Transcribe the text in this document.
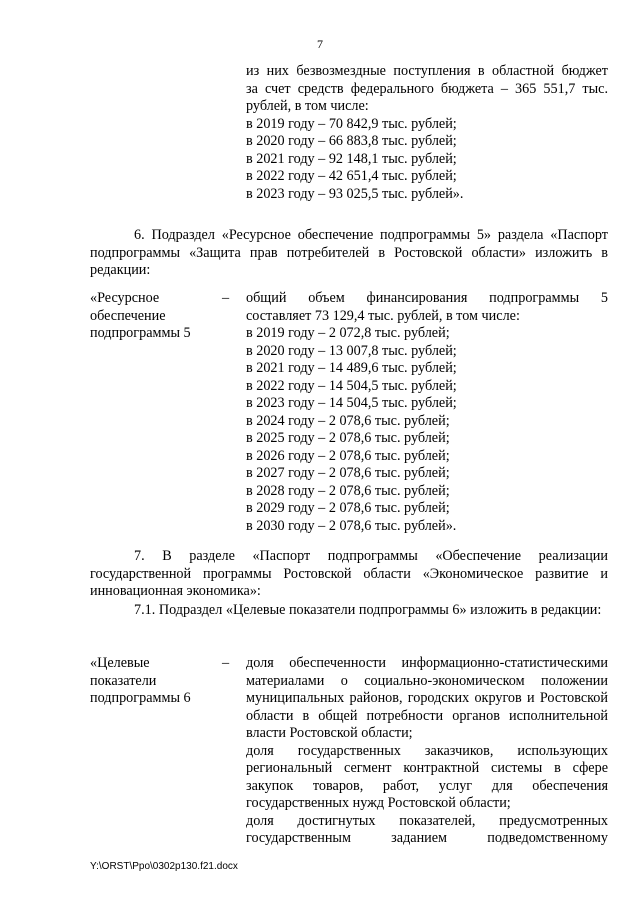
7
из них безвозмездные поступления в областной бюджет
за счет средств федерального бюджета – 365 551,7 тыс.
рублей, в том числе:
в 2019 году – 70 842,9 тыс. рублей;
в 2020 году – 66 883,8 тыс. рублей;
в 2021 году – 92 148,1 тыс. рублей;
в 2022 году – 42 651,4 тыс. рублей;
в 2023 году – 93 025,5 тыс. рублей».
6. Подраздел «Ресурсное обеспечение подпрограммы 5» раздела «Паспорт подпрограммы «Защита прав потребителей в Ростовской области» изложить в редакции:
«Ресурсное
обеспечение
подпрограммы 5
– общий объем финансирования подпрограммы 5
составляет 73 129,4 тыс. рублей, в том числе:
в 2019 году – 2 072,8 тыс. рублей;
в 2020 году – 13 007,8 тыс. рублей;
в 2021 году – 14 489,6 тыс. рублей;
в 2022 году – 14 504,5 тыс. рублей;
в 2023 году – 14 504,5 тыс. рублей;
в 2024 году – 2 078,6 тыс. рублей;
в 2025 году – 2 078,6 тыс. рублей;
в 2026 году – 2 078,6 тыс. рублей;
в 2027 году – 2 078,6 тыс. рублей;
в 2028 году – 2 078,6 тыс. рублей;
в 2029 году – 2 078,6 тыс. рублей;
в 2030 году – 2 078,6 тыс. рублей».
7. В разделе «Паспорт подпрограммы «Обеспечение реализации государственной программы Ростовской области «Экономическое развитие и инновационная экономика»:
7.1. Подраздел «Целевые показатели подпрограммы 6» изложить в редакции:
«Целевые
показатели
подпрограммы 6
– доля обеспеченности информационно-статистическими материалами о социально-экономическом положении муниципальных районов, городских округов и Ростовской области в общей потребности органов исполнительной власти Ростовской области;
доля государственных заказчиков, использующих региональный сегмент контрактной системы в сфере закупок товаров, работ, услуг для обеспечения государственных нужд Ростовской области;
доля достигнутых показателей, предусмотренных государственным заданием подведомственному
Y:\ORST\Ppo\0302p130.f21.docx
